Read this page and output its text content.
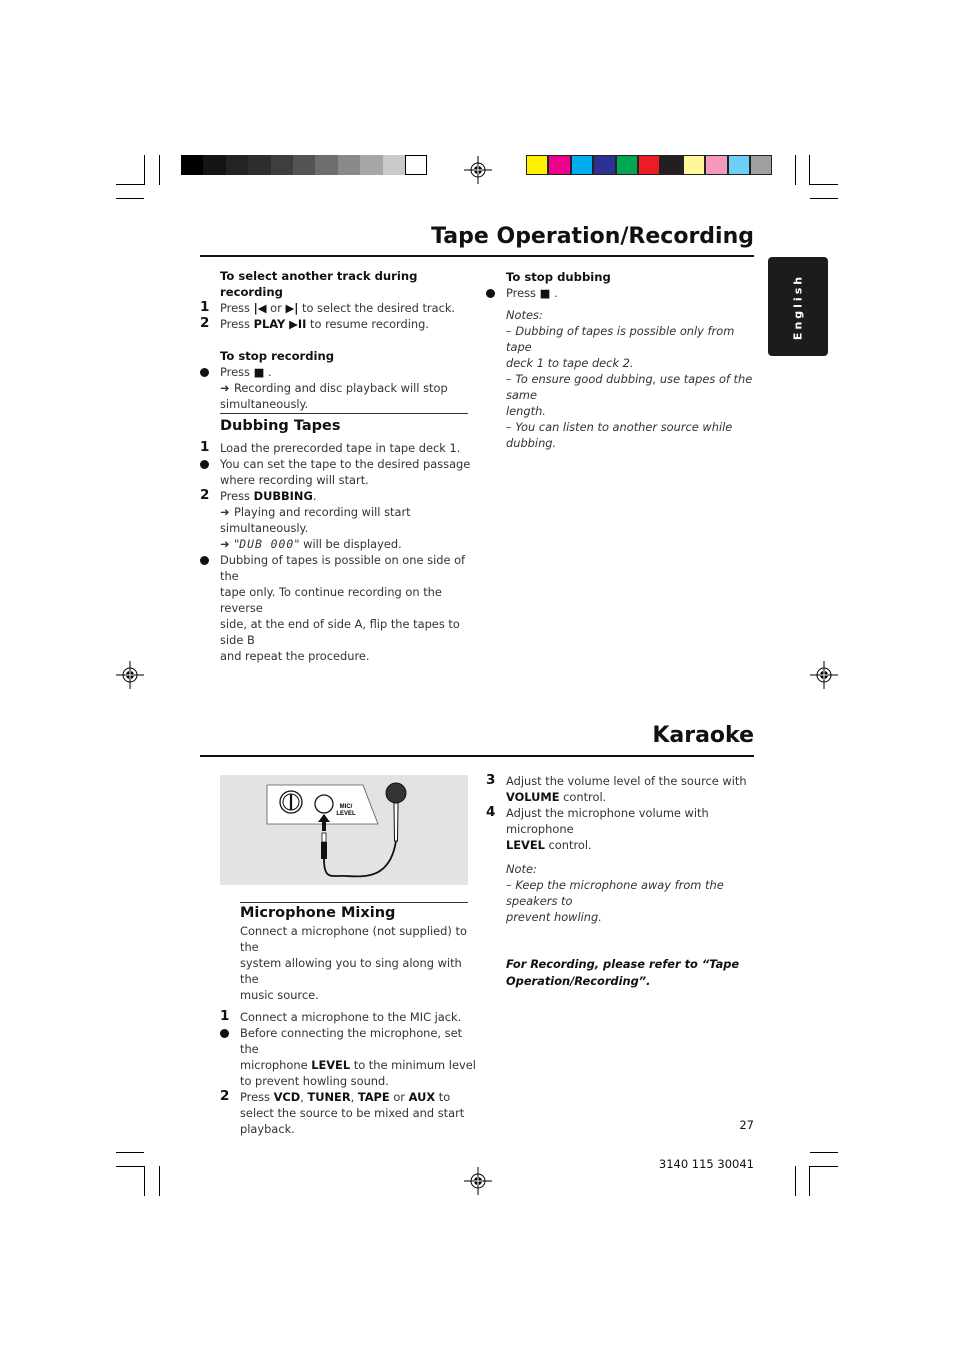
English
Tape Operation/Recording
To select another track during recording
1 Press |◀ or ▶| to select the desired track.
2 Press PLAY ▶II to resume recording.
To stop recording
Press ■ .
➜ Recording and disc playback will stop
simultaneously.
Dubbing Tapes
1 Load the prerecorded tape in tape deck 1.
You can set the tape to the desired passage
where recording will start.
2 Press DUBBING.
➜ Playing and recording will start simultaneously.
➜ "DUB 000" will be displayed.
Dubbing of tapes is possible on one side of the
tape only. To continue recording on the reverse
side, at the end of side A, flip the tapes to side B
and repeat the procedure.
To stop dubbing
Press ■ .
Notes:
– Dubbing of tapes is possible only from tape
deck 1 to tape deck 2.
– To ensure good dubbing, use tapes of the same
length.
– You can listen to another source while dubbing.
Karaoke
MIC/
LEVEL
Microphone Mixing
Connect a microphone (not supplied) to the
system allowing you to sing along with the
music source.
1 Connect a microphone to the MIC jack.
Before connecting the microphone, set the
microphone LEVEL to the minimum level
to prevent howling sound.
2 Press VCD, TUNER, TAPE or AUX to
select the source to be mixed and start
playback.
3 Adjust the volume level of the source with
VOLUME control.
4 Adjust the microphone volume with microphone
LEVEL control.
Note:
– Keep the microphone away from the speakers to
prevent howling.
For Recording, please refer to “Tape
Operation/Recording”.
27
3140 115 30041
